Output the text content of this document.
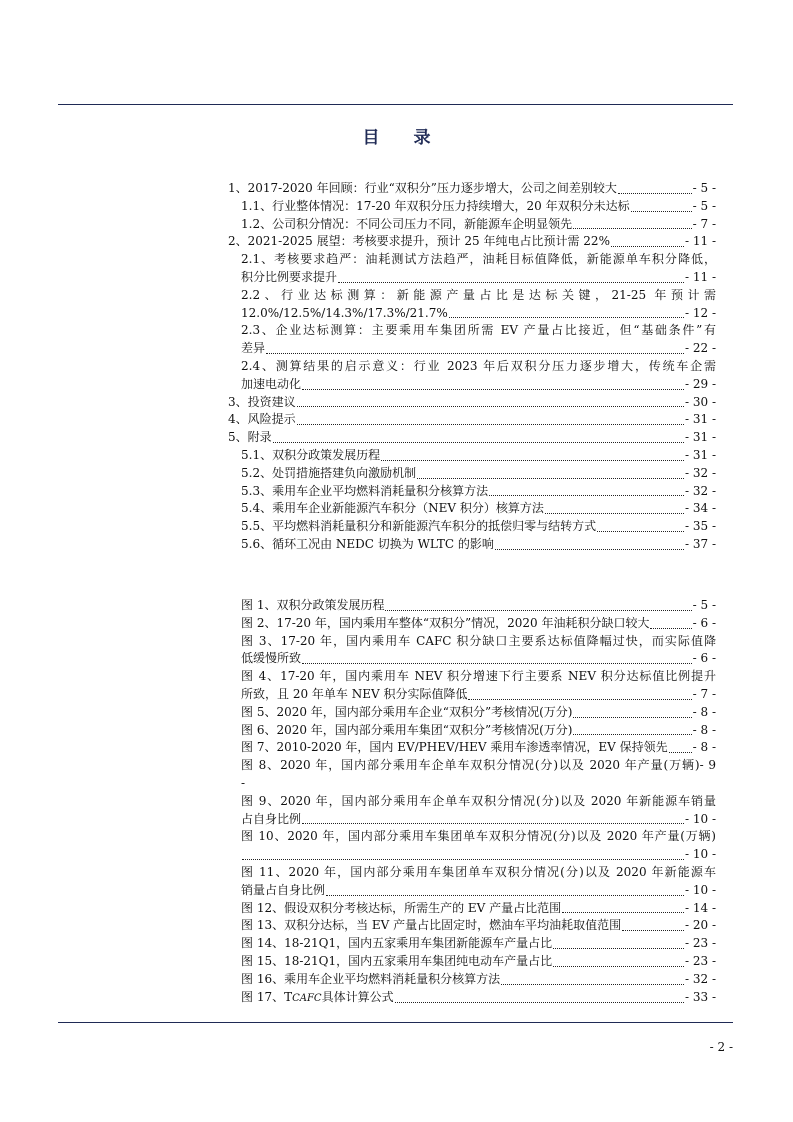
目 录
1、2017-2020 年回顾：行业“双积分”压力逐步增大，公司之间差别较大	- 5 -
1.1、行业整体情况：17-20 年双积分压力持续增大，20 年双积分未达标	- 5 -
1.2、公司积分情况：不同公司压力不同，新能源车企明显领先	- 7 -
2、2021-2025 展望：考核要求提升，预计 25 年纯电占比预计需 22%	- 11 -
2.1、考核要求趋严：油耗测试方法趋严，油耗目标值降低，新能源单车积分降低，
积分比例要求提升	- 11 -
2.2、行业达标测算：新能源产量占比是达标关键，21-25 年预计需
12.0%/12.5%/14.3%/17.3%/21.7%	- 12 -
2.3、企业达标测算：主要乘用车集团所需 EV 产量占比接近，但“基础条件”有
差异	- 22 -
2.4、测算结果的启示意义：行业 2023 年后双积分压力逐步增大，传统车企需
加速电动化	- 29 -
3、投资建议	- 30 -
4、风险提示	- 31 -
5、附录	- 31 -
5.1、双积分政策发展历程	- 31 -
5.2、处罚措施搭建负向激励机制	- 32 -
5.3、乘用车企业平均燃料消耗量积分核算方法	- 32 -
5.4、乘用车企业新能源汽车积分（NEV 积分）核算方法	- 34 -
5.5、平均燃料消耗量积分和新能源汽车积分的抵偿归零与结转方式	- 35 -
5.6、循环工况由 NEDC 切换为 WLTC 的影响	- 37 -
图 1、双积分政策发展历程	- 5 -
图 2、17-20 年，国内乘用车整体“双积分”情况，2020 年油耗积分缺口较大	- 6 -
图 3、17-20 年，国内乘用车 CAFC 积分缺口主要系达标值降幅过快，而实际值降
低缓慢所致	- 6 -
图 4、17-20 年，国内乘用车 NEV 积分增速下行主要系 NEV 积分达标值比例提升
所致，且 20 年单车 NEV 积分实际值降低	- 7 -
图 5、2020 年，国内部分乘用车企业“双积分”考核情况(万分)	- 8 -
图 6、2020 年，国内部分乘用车集团“双积分”考核情况(万分)	- 8 -
图 7、2010-2020 年，国内 EV/PHEV/HEV 乘用车渗透率情况，EV 保持领先 - 8 -
图 8、2020 年，国内部分乘用车企单车双积分情况(分)以及 2020 年产量(万辆)- 9
-
图 9、2020 年，国内部分乘用车企单车双积分情况(分)以及 2020 年新能源车销量
占自身比例	- 10 -
图 10、2020 年，国内部分乘用车集团单车双积分情况(分)以及 2020 年产量(万辆)
- 10 -
图 11、2020 年，国内部分乘用车集团单车双积分情况(分)以及 2020 年新能源车
销量占自身比例	- 10 -
图 12、假设双积分考核达标，所需生产的 EV 产量占比范围	- 14 -
图 13、双积分达标，当 EV 产量占比固定时，燃油车平均油耗取值范围	- 20 -
图 14、18-21Q1，国内五家乘用车集团新能源车产量占比	- 23 -
图 15、18-21Q1，国内五家乘用车集团纯电动车产量占比	- 23 -
图 16、乘用车企业平均燃料消耗量积分核算方法	- 32 -
图 17、T CAFC 具体计算公式	- 33 -
- 2 -
